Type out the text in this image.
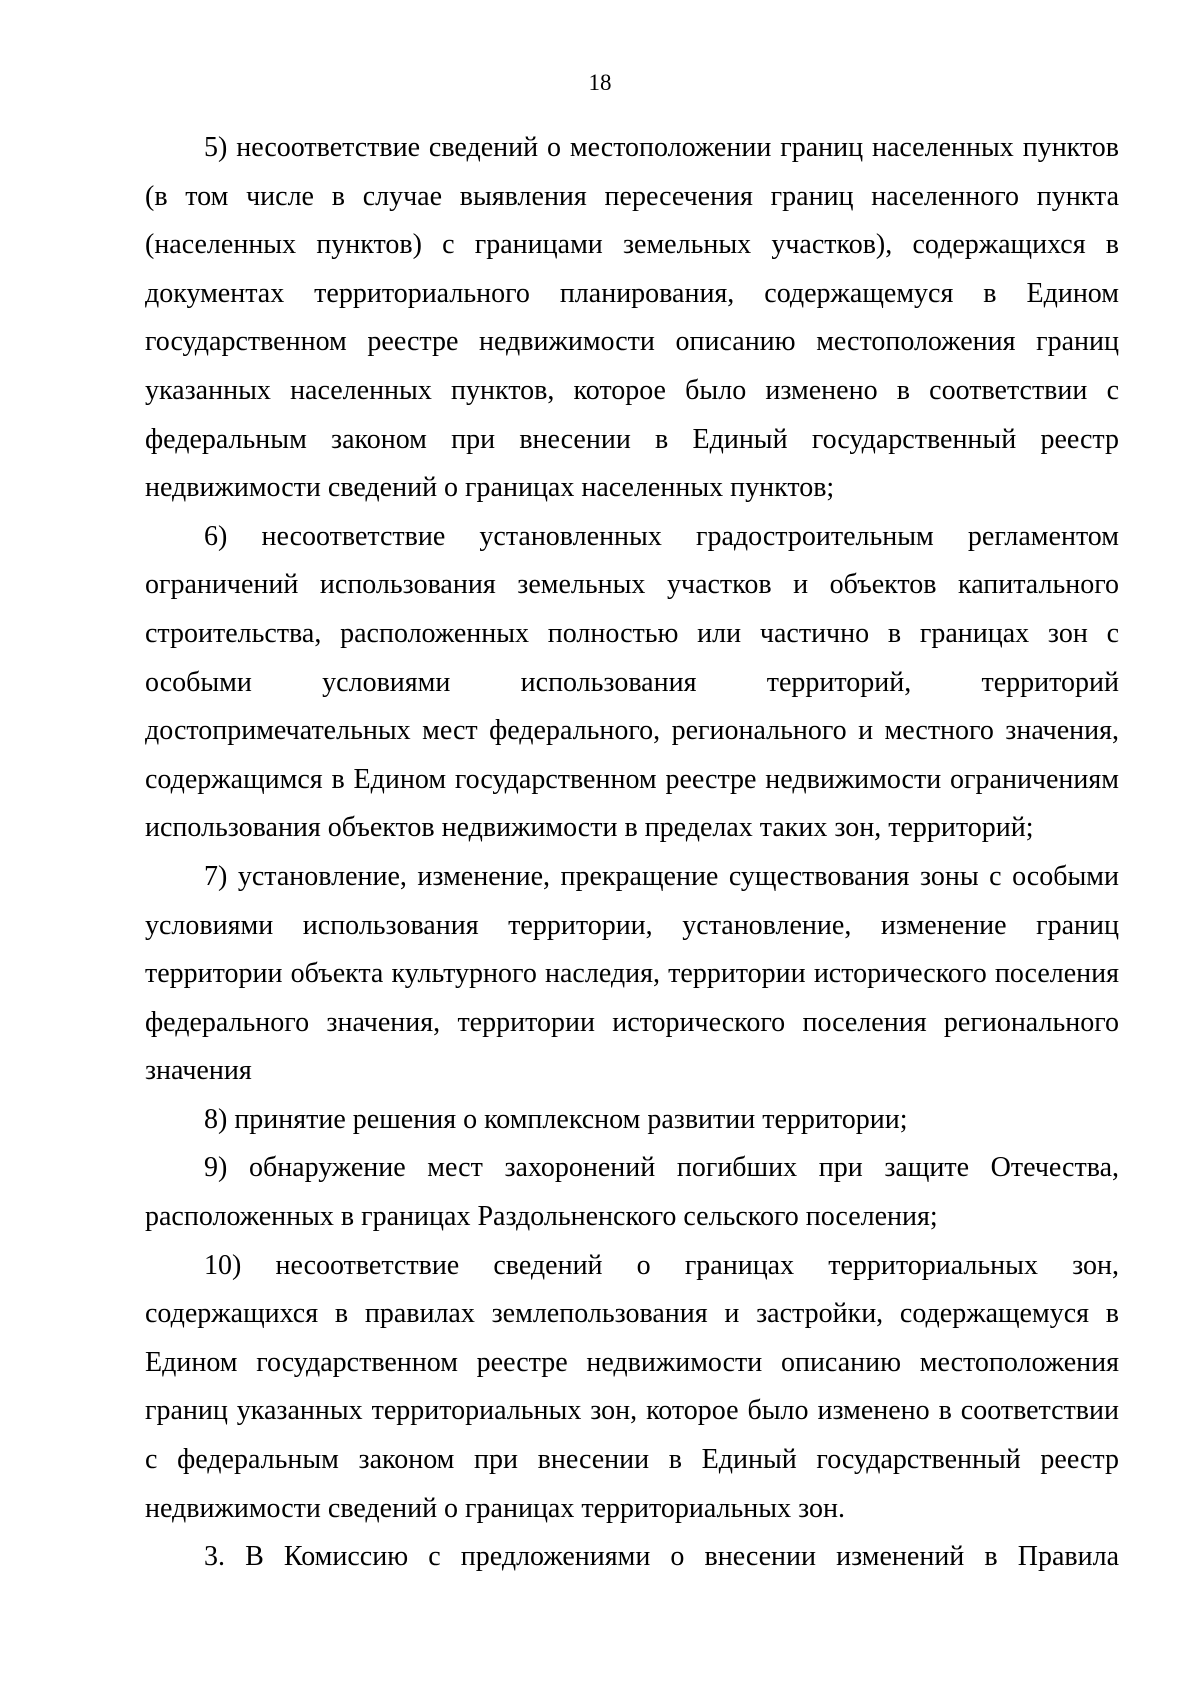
18

5) несоответствие сведений о местоположении границ населенных пунктов (в том числе в случае выявления пересечения границ населенного пункта (населенных пунктов) с границами земельных участков), содержащихся в документах территориального планирования, содержащемуся в Едином государственном реестре недвижимости описанию местоположения границ указанных населенных пунктов, которое было изменено в соответствии с федеральным законом при внесении в Единый государственный реестр недвижимости сведений о границах населенных пунктов;

6) несоответствие установленных градостроительным регламентом ограничений использования земельных участков и объектов капитального строительства, расположенных полностью или частично в границах зон с особыми условиями использования территорий, территорий достопримечательных мест федерального, регионального и местного значения, содержащимся в Едином государственном реестре недвижимости ограничениям использования объектов недвижимости в пределах таких зон, территорий;

7) установление, изменение, прекращение существования зоны с особыми условиями использования территории, установление, изменение границ территории объекта культурного наследия, территории исторического поселения федерального значения, территории исторического поселения регионального значения

8) принятие решения о комплексном развитии территории;

9) обнаружение мест захоронений погибших при защите Отечества, расположенных в границах Раздольненского сельского поселения;

10) несоответствие сведений о границах территориальных зон, содержащихся в правилах землепользования и застройки, содержащемуся в Едином государственном реестре недвижимости описанию местоположения границ указанных территориальных зон, которое было изменено в соответствии с федеральным законом при внесении в Единый государственный реестр недвижимости сведений о границах территориальных зон.

3. В Комиссию с предложениями о внесении изменений в Правила
